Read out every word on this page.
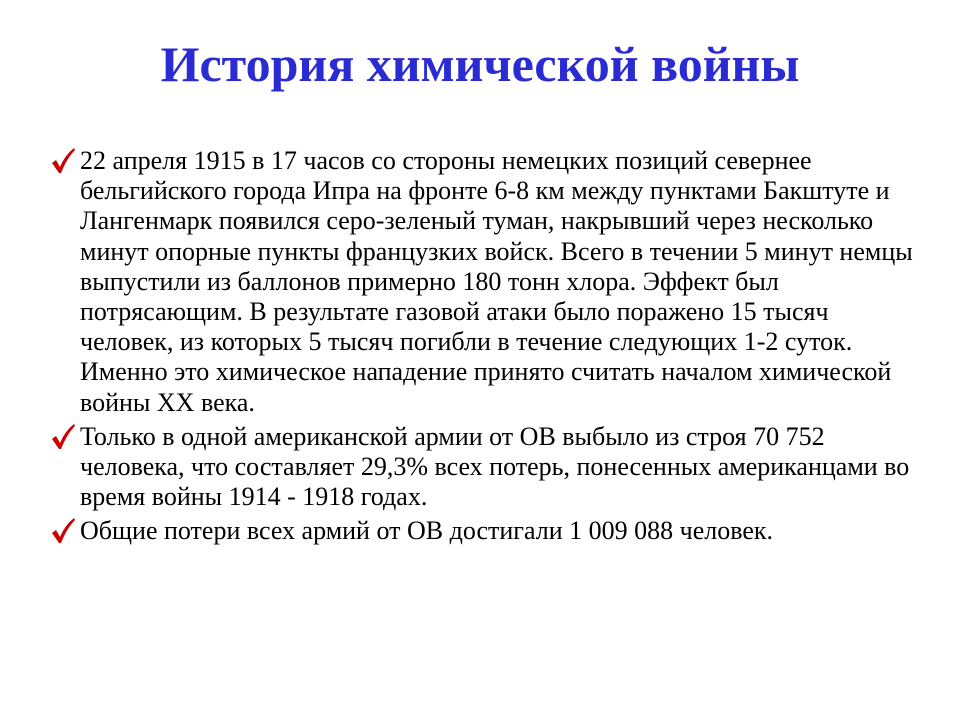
История химической войны
22 апреля 1915 в 17 часов со стороны немецких позиций севернее бельгийского города Ипра на фронте 6-8 км между пунктами Бакштуте и Лангенмарк появился серо-зеленый туман, накрывший через несколько минут опорные пункты французких войск. Всего в течении 5 минут немцы выпустили из баллонов примерно 180 тонн хлора. Эффект был потрясающим. В результате газовой атаки было поражено 15 тысяч человек, из которых 5 тысяч погибли в течение следующих 1-2 суток. Именно это химическое нападение принято считать началом химической войны XX века.
Только в одной американской армии от ОВ выбыло из строя 70 752 человека, что составляет 29,3% всех потерь, понесенных американцами во время войны 1914 - 1918 годах.
Общие потери всех армий от ОВ достигали 1 009 088 человек.
